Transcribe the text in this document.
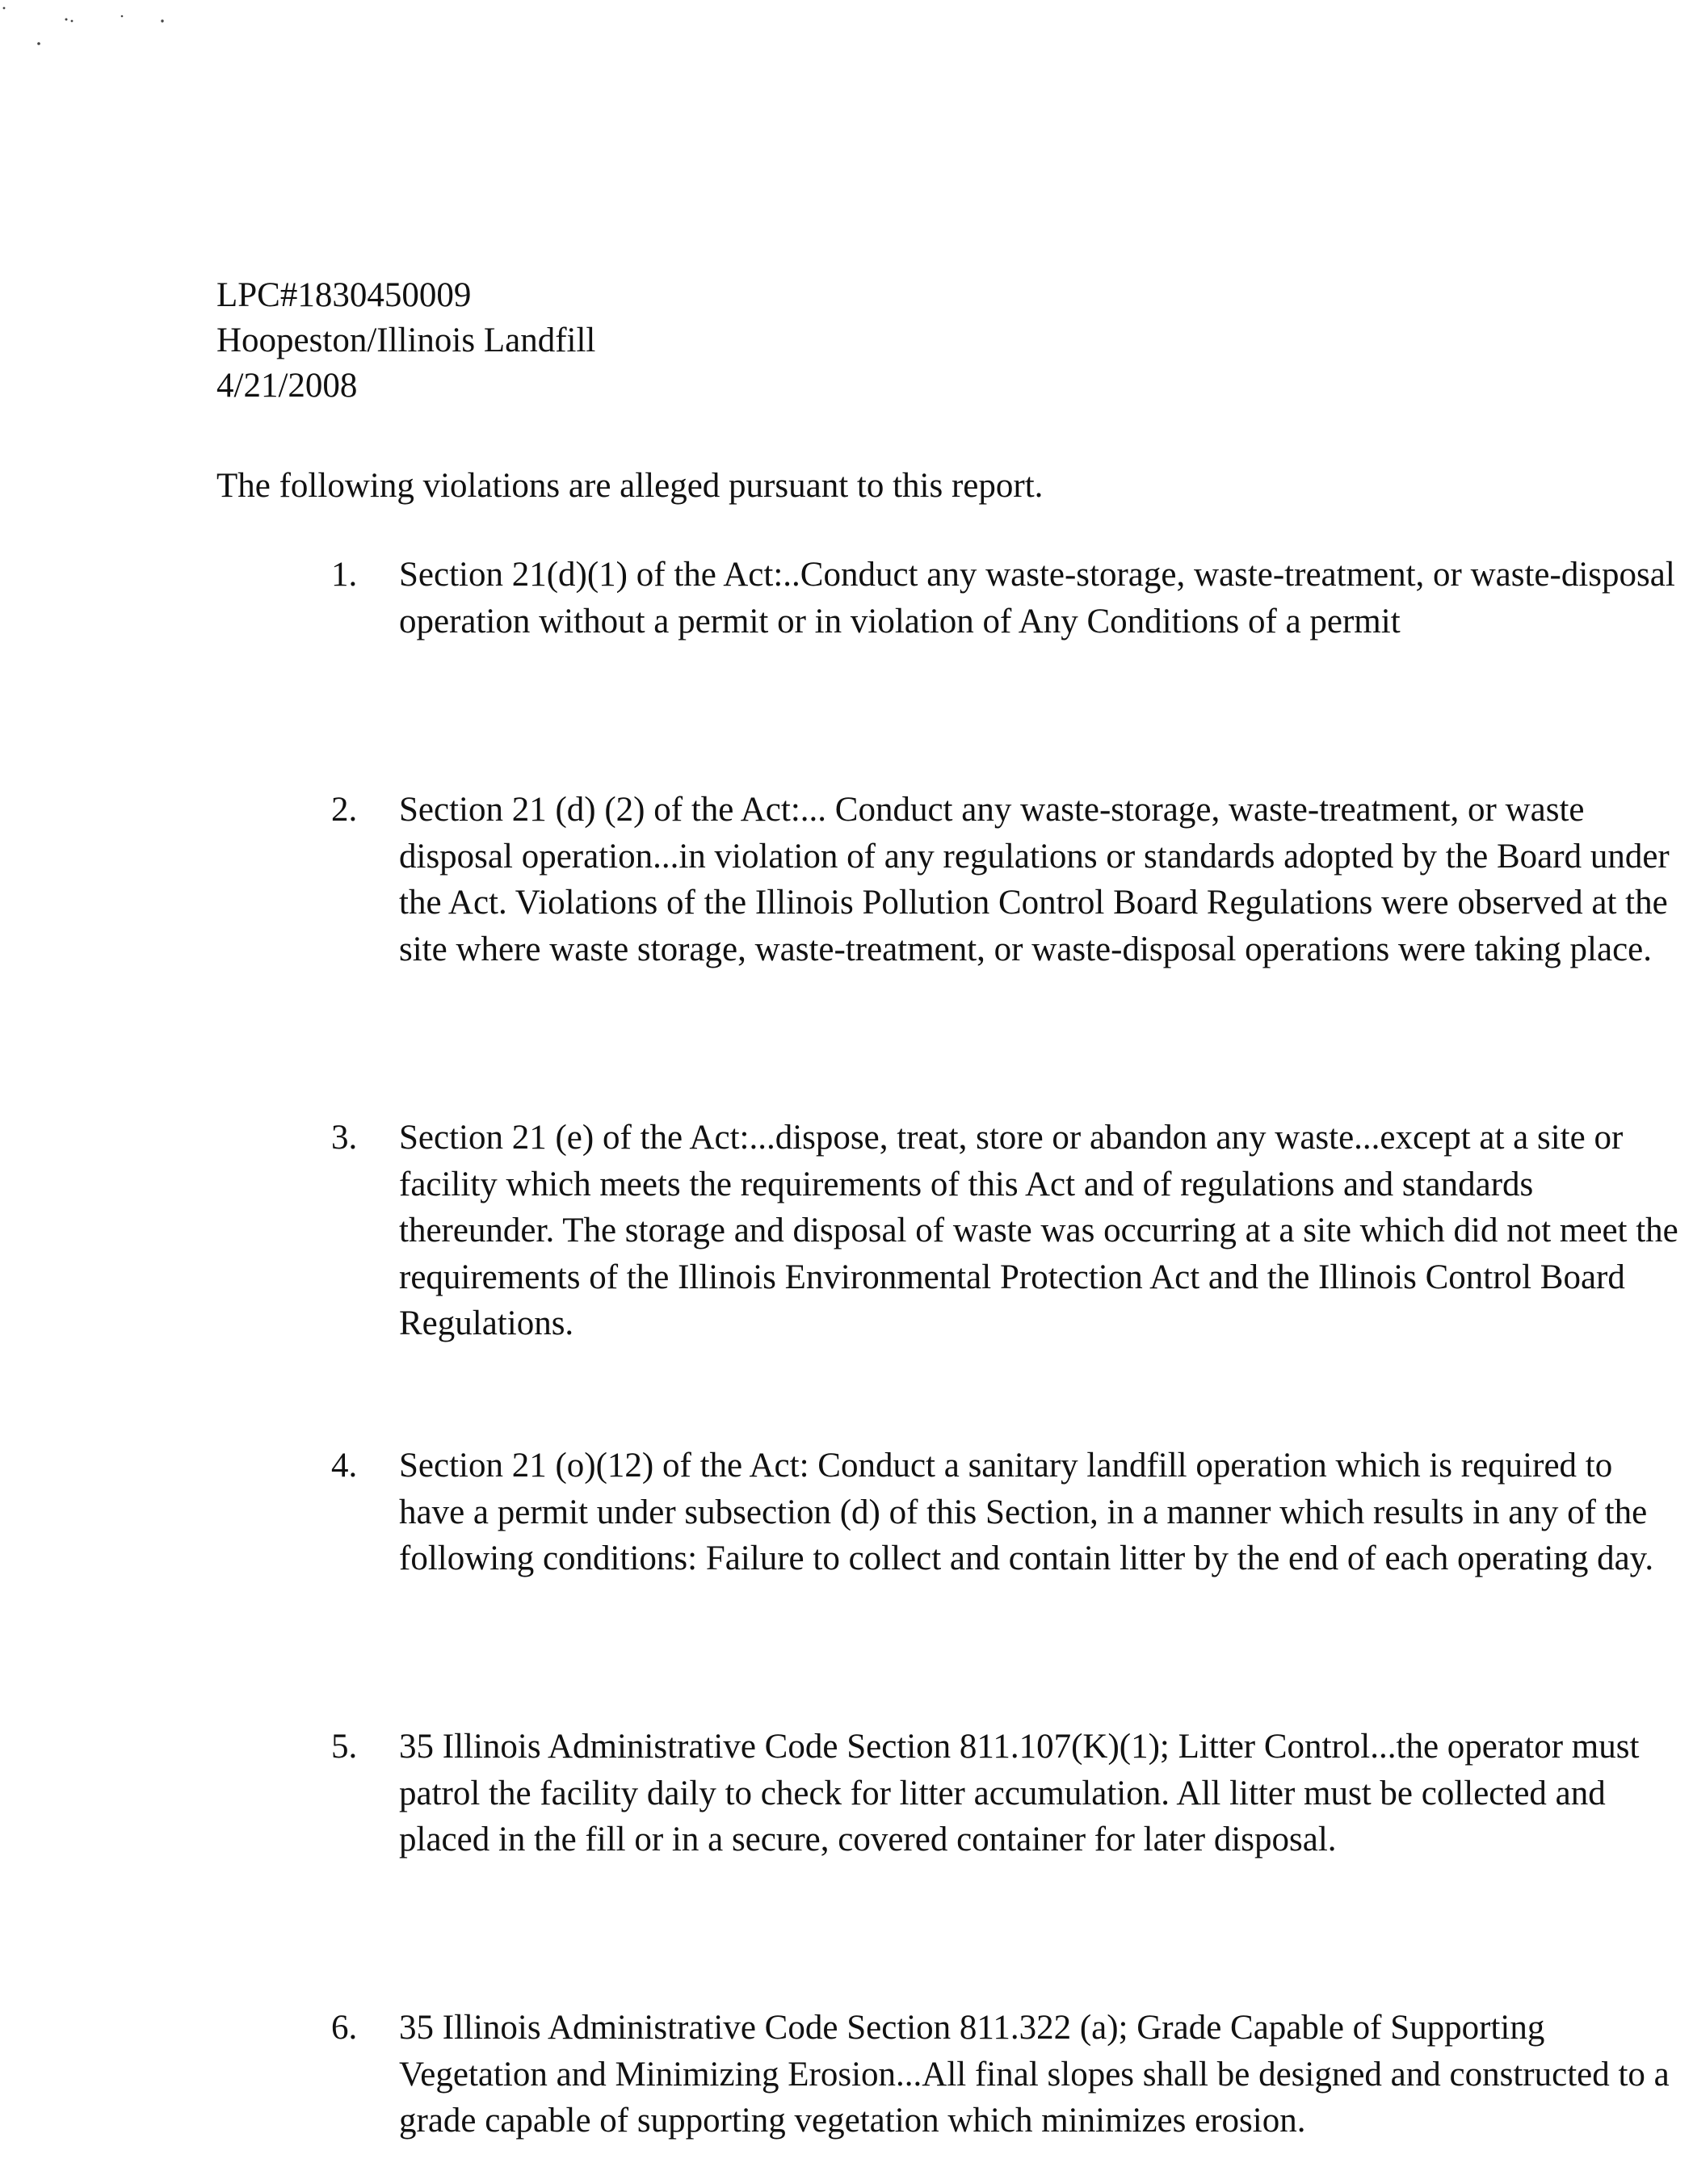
LPC#1830450009
Hoopeston/Illinois Landfill
4/21/2008
The following violations are alleged pursuant to this report.
1.	Section 21(d)(1) of the Act:..Conduct any waste-storage, waste-treatment, or waste-disposal operation without a permit or in violation of Any Conditions of a permit
2.	Section 21 (d) (2) of the Act:... Conduct any waste-storage, waste-treatment, or waste disposal operation...in violation of any regulations or standards adopted by the Board under the Act. Violations of the Illinois Pollution Control Board Regulations were observed at the site where waste storage, waste-treatment, or waste-disposal operations were taking place.
3.	Section 21 (e) of the Act:...dispose, treat, store or abandon any waste...except at a site or facility which meets the requirements of this Act and of regulations and standards thereunder. The storage and disposal of waste was occurring at a site which did not meet the requirements of the Illinois Environmental Protection Act and the Illinois Control Board Regulations.
4.	Section 21 (o)(12) of the Act: Conduct a sanitary landfill operation which is required to have a permit under subsection (d) of this Section, in a manner which results in any of the following conditions: Failure to collect and contain litter by the end of each operating day.
5.	35 Illinois Administrative Code Section 811.107(K)(1); Litter Control...the operator must patrol the facility daily to check for litter accumulation. All litter must be collected and placed in the fill or in a secure, covered container for later disposal.
6.	35 Illinois Administrative Code Section 811.322 (a); Grade Capable of Supporting Vegetation and Minimizing Erosion...All final slopes shall be designed and constructed to a grade capable of supporting vegetation which minimizes erosion.
